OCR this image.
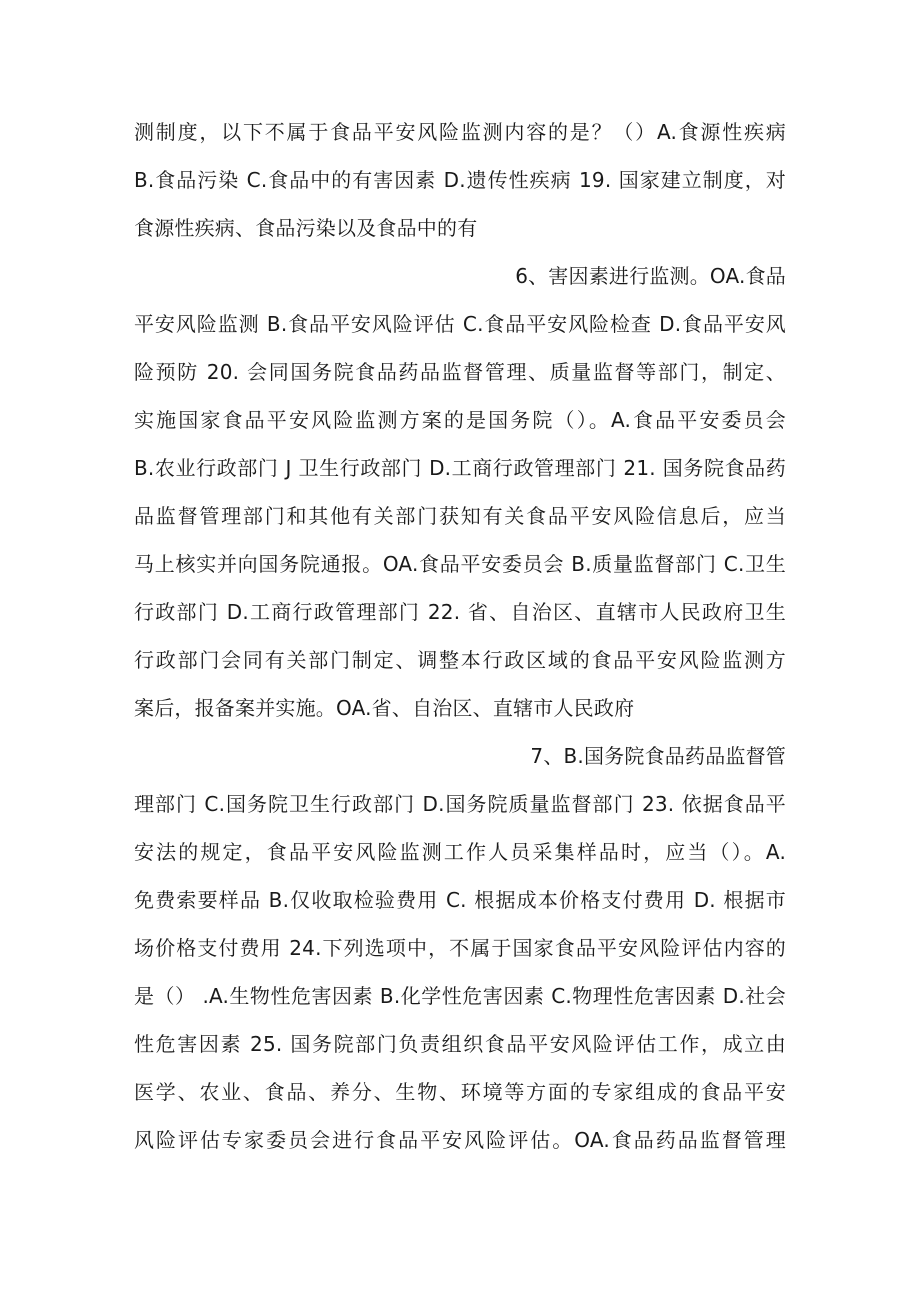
测制度，以下不属于食品平安风险监测内容的是？（）A.食源性疾病
B.食品污染 C.食品中的有害因素 D.遗传性疾病 19. 国家建立制度，对
食源性疾病、食品污染以及食品中的有
6、害因素进行监测。OA.食品
平安风险监测 B.食品平安风险评估 C.食品平安风险检查 D.食品平安风
险预防 20. 会同国务院食品药品监督管理、质量监督等部门，制定、
实施国家食品平安风险监测方案的是国务院（）。A.食品平安委员会
B.农业行政部门 J 卫生行政部门 D.工商行政管理部门 21. 国务院食品药
品监督管理部门和其他有关部门获知有关食品平安风险信息后，应当
马上核实并向国务院通报。OA.食品平安委员会 B.质量监督部门 C.卫生
行政部门 D.工商行政管理部门 22. 省、自治区、直辖市人民政府卫生
行政部门会同有关部门制定、调整本行政区域的食品平安风险监测方
案后，报备案并实施。OA.省、自治区、直辖市人民政府
7、B.国务院食品药品监督管
理部门 C.国务院卫生行政部门 D.国务院质量监督部门 23. 依据食品平
安法的规定，食品平安风险监测工作人员采集样品时，应当（）。A.
免费索要样品 B.仅收取检验费用 C. 根据成本价格支付费用 D. 根据市
场价格支付费用 24.下列选项中，不属于国家食品平安风险评估内容的
是（） .A.生物性危害因素 B.化学性危害因素 C.物理性危害因素 D.社会
性危害因素 25. 国务院部门负责组织食品平安风险评估工作，成立由
医学、农业、食品、养分、生物、环境等方面的专家组成的食品平安
风险评估专家委员会进行食品平安风险评估。OA.食品药品监督管理
